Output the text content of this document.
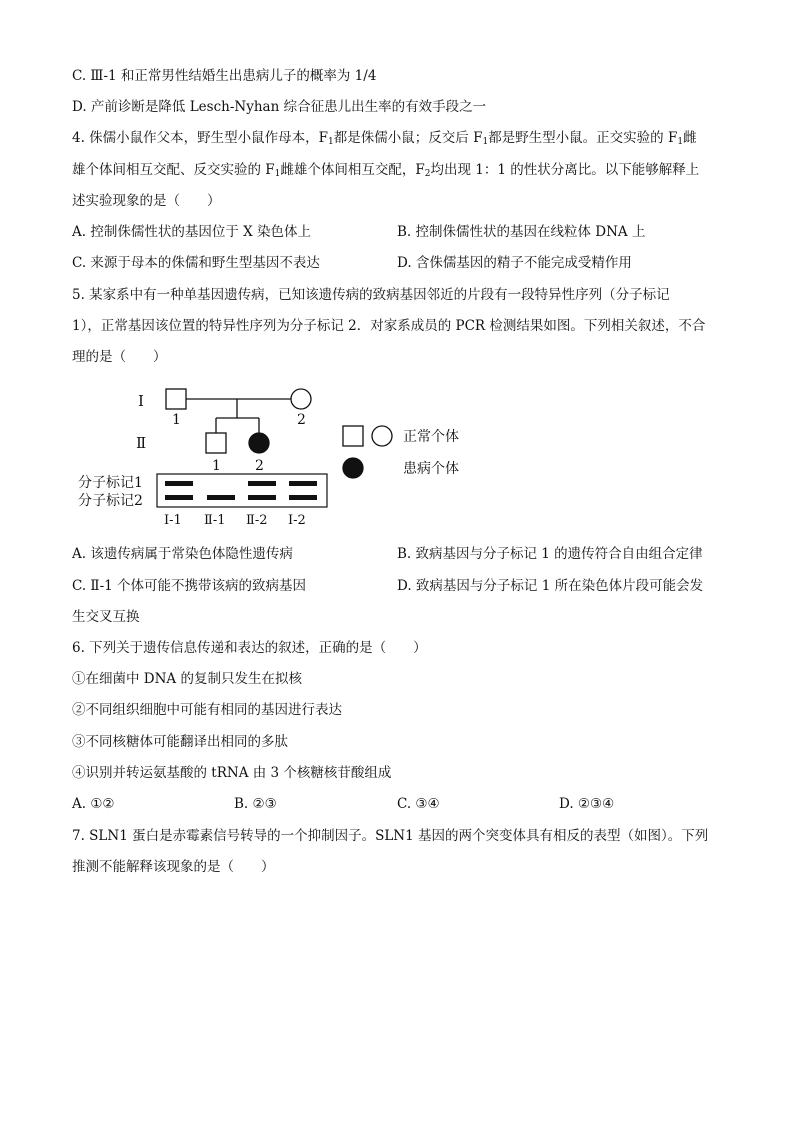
C. Ⅲ-1 和正常男性结婚生出患病儿子的概率为 1/4
D. 产前诊断是降低 Lesch-Nyhan 综合征患儿出生率的有效手段之一
4. 侏儒小鼠作父本，野生型小鼠作母本，$F_1$都是侏儒小鼠；反交后 $F_1$都是野生型小鼠。正交实验的 $F_1$雌
雄个体间相互交配、反交实验的 $F_1$雌雄个体间相互交配，$F_2$均出现 1：1 的性状分离比。以下能够解释上
述实验现象的是（　　）
A. 控制侏儒性状的基因位于 X 染色体上	B. 控制侏儒性状的基因在线粒体 DNA 上
C. 来源于母本的侏儒和野生型基因不表达	D. 含侏儒基因的精子不能完成受精作用
5. 某家系中有一种单基因遗传病，已知该遗传病的致病基因邻近的片段有一段特异性序列（分子标记
1），正常基因该位置的特异性序列为分子标记 2．对家系成员的 PCR 检测结果如图。下列相关叙述，不合
理的是（　　）
Ⅰ
Ⅱ
1	2
1 2
正常个体
患病个体
分子标记1
分子标记2
Ⅰ-1 Ⅱ-1 Ⅱ-2 Ⅰ-2
A. 该遗传病属于常染色体隐性遗传病	B. 致病基因与分子标记 1 的遗传符合自由组合定律
C. Ⅱ-1 个体可能不携带该病的致病基因	D. 致病基因与分子标记 1 所在染色体片段可能会发
生交叉互换
6. 下列关于遗传信息传递和表达的叙述，正确的是（　　）
①在细菌中 DNA 的复制只发生在拟核
②不同组织细胞中可能有相同的基因进行表达
③不同核糖体可能翻译出相同的多肽
④识别并转运氨基酸的 tRNA 由 3 个核糖核苷酸组成
A. ①②	B. ②③	C. ③④	D. ②③④
7. SLN1 蛋白是赤霉素信号转导的一个抑制因子。SLN1 基因的两个突变体具有相反的表型（如图）。下列
推测不能解释该现象的是（　　）
